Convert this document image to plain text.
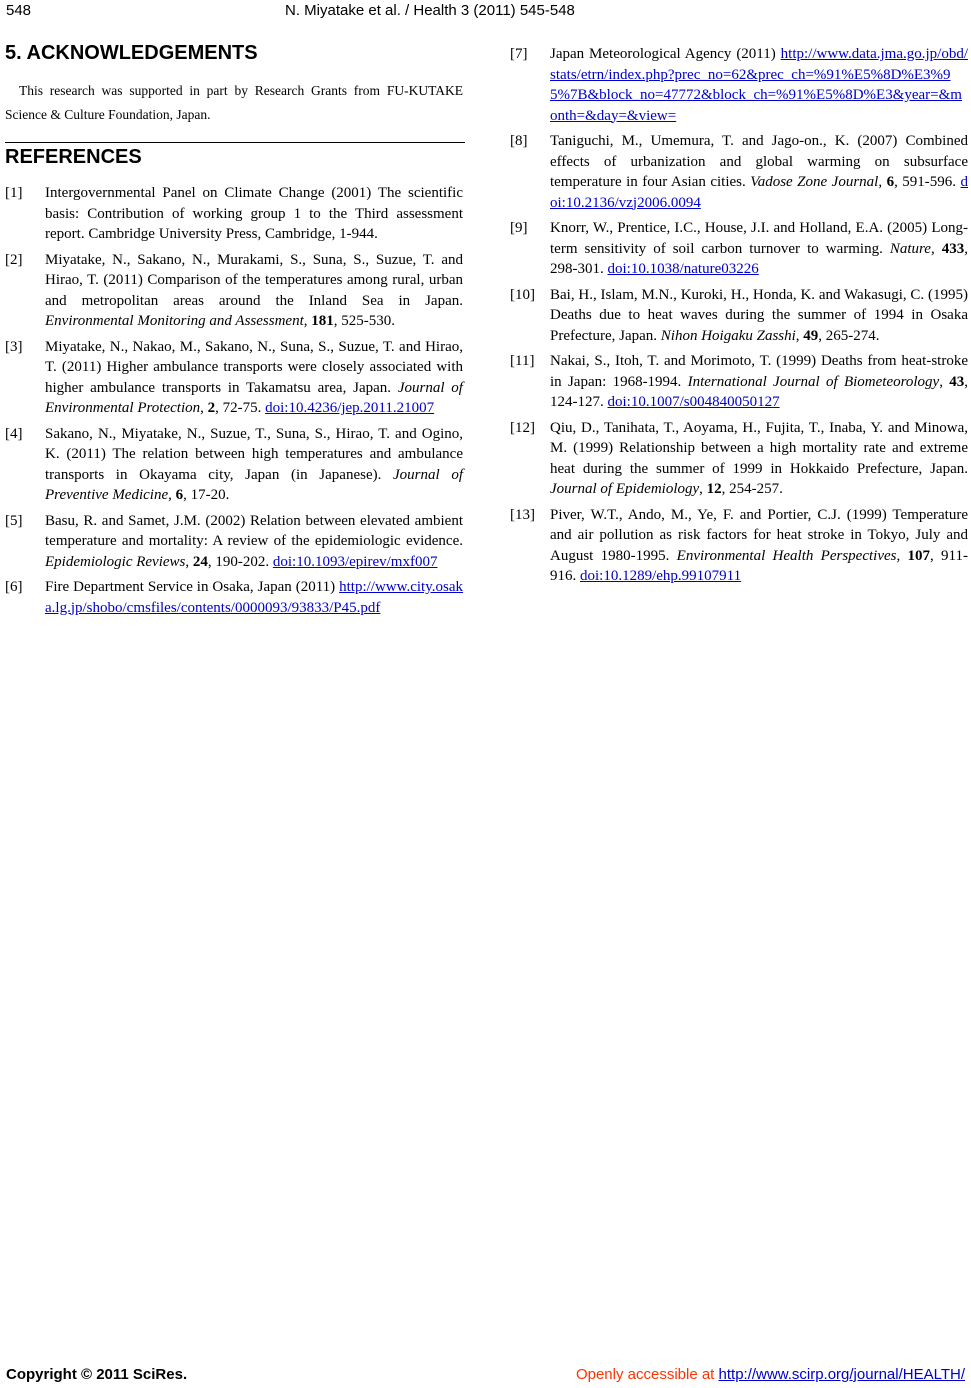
548	N. Miyatake et al. / Health 3 (2011) 545-548
5. ACKNOWLEDGEMENTS

This research was supported in part by Research Grants from FU-KUTAKE Science & Culture Foundation, Japan.

REFERENCES
[1]	Intergovernmental Panel on Climate Change (2001) The scientific basis: Contribution of working group 1 to the Third assessment report. Cambridge University Press, Cambridge, 1-944.
[2]	Miyatake, N., Sakano, N., Murakami, S., Suna, S., Suzue, T. and Hirao, T. (2011) Comparison of the temperatures among rural, urban and metropolitan areas around the Inland Sea in Japan. Environmental Monitoring and Assessment, 181, 525-530.
[3]	Miyatake, N., Nakao, M., Sakano, N., Suna, S., Suzue, T. and Hirao, T. (2011) Higher ambulance transports were closely associated with higher ambulance transports in Takamatsu area, Japan. Journal of Environmental Protection, 2, 72-75. doi:10.4236/jep.2011.21007
[4]	Sakano, N., Miyatake, N., Suzue, T., Suna, S., Hirao, T. and Ogino, K. (2011) The relation between high temperatures and ambulance transports in Okayama city, Japan (in Japanese). Journal of Preventive Medicine, 6, 17-20.
[5]	Basu, R. and Samet, J.M. (2002) Relation between elevated ambient temperature and mortality: A review of the epidemiologic evidence. Epidemiologic Reviews, 24, 190-202. doi:10.1093/epirev/mxf007
[6]	Fire Department Service in Osaka, Japan (2011) http://www.city.osaka.lg.jp/shobo/cmsfiles/contents/0000093/93833/P45.pdf
[7]	Japan Meteorological Agency (2011) http://www.data.jma.go.jp/obd/stats/etrn/index.php?prec_no=62&prec_ch=%91%E5%8D%E3%95%7B&block_no=47772&block_ch=%91%E5%8D%E3&year=&month=&day=&view=
[8]	Taniguchi, M., Umemura, T. and Jago-on., K. (2007) Combined effects of urbanization and global warming on subsurface temperature in four Asian cities. Vadose Zone Journal, 6, 591-596. doi:10.2136/vzj2006.0094
[9]	Knorr, W., Prentice, I.C., House, J.I. and Holland, E.A. (2005) Long-term sensitivity of soil carbon turnover to warming. Nature, 433, 298-301. doi:10.1038/nature03226
[10]	Bai, H., Islam, M.N., Kuroki, H., Honda, K. and Wakasugi, C. (1995) Deaths due to heat waves during the summer of 1994 in Osaka Prefecture, Japan. Nihon Hoigaku Zasshi, 49, 265-274.
[11]	Nakai, S., Itoh, T. and Morimoto, T. (1999) Deaths from heat-stroke in Japan: 1968-1994. International Journal of Biometeorology, 43, 124-127. doi:10.1007/s004840050127
[12]	Qiu, D., Tanihata, T., Aoyama, H., Fujita, T., Inaba, Y. and Minowa, M. (1999) Relationship between a high mortality rate and extreme heat during the summer of 1999 in Hokkaido Prefecture, Japan. Journal of Epidemiology, 12, 254-257.
[13]	Piver, W.T., Ando, M., Ye, F. and Portier, C.J. (1999) Temperature and air pollution as risk factors for heat stroke in Tokyo, July and August 1980-1995. Environmental Health Perspectives, 107, 911-916. doi:10.1289/ehp.99107911
Copyright © 2011 SciRes.	Openly accessible at http://www.scirp.org/journal/HEALTH/
